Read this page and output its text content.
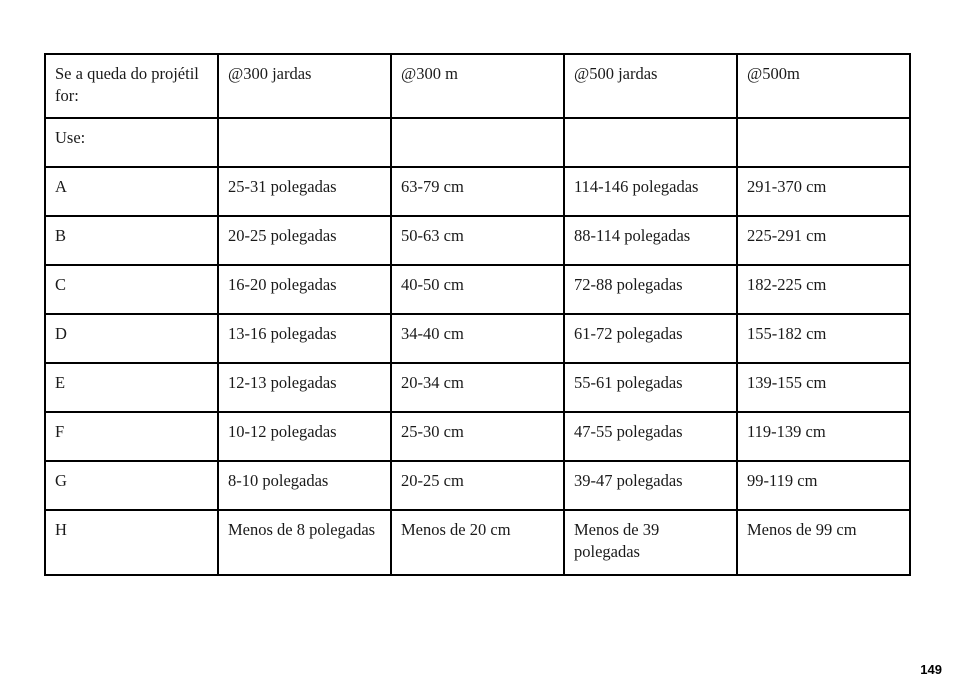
Se a queda do projétil for:	@300 jardas	@300 m	@500 jardas	@500m
Use:				
A	25-31 polegadas	63-79 cm	114-146 polegadas	291-370 cm
B	20-25 polegadas	50-63 cm	88-114 polegadas	225-291 cm
C	16-20 polegadas	40-50 cm	72-88 polegadas	182-225 cm
D	13-16 polegadas	34-40 cm	61-72 polegadas	155-182 cm
E	12-13 polegadas	20-34 cm	55-61 polegadas	139-155 cm
F	10-12 polegadas	25-30 cm	47-55 polegadas	119-139 cm
G	8-10 polegadas	20-25 cm	39-47 polegadas	99-119 cm
H	Menos de 8 polegadas	Menos de 20 cm	Menos de 39 polegadas	Menos de 99 cm
149
